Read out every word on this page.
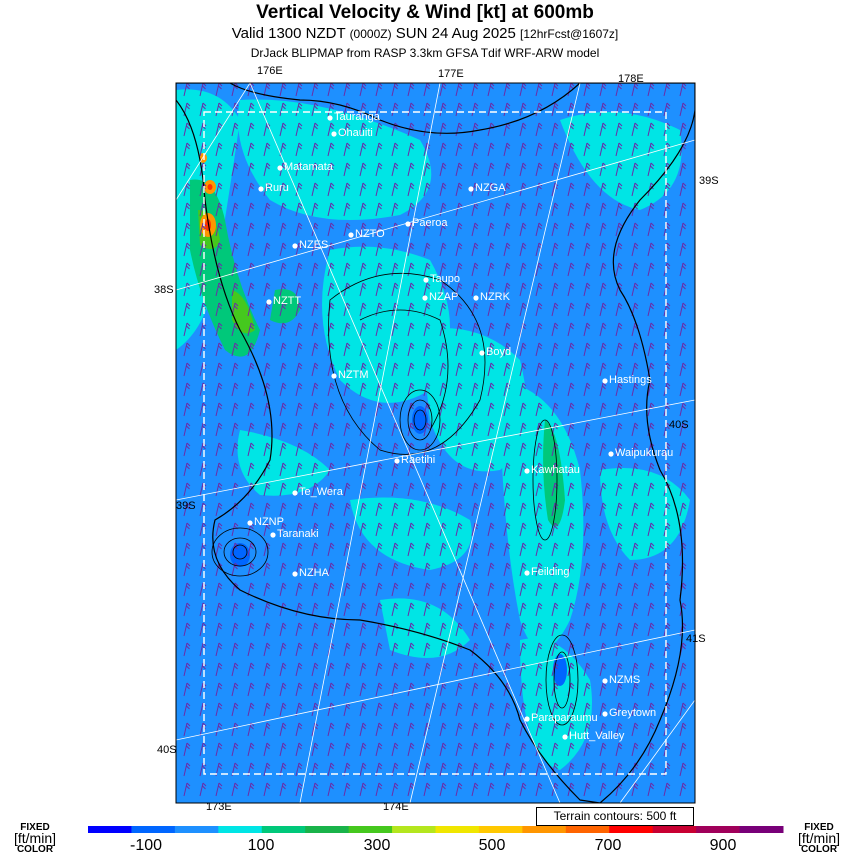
Vertical Velocity & Wind [kt] at 600mb
Valid 1300 NZDT (0000Z) SUN 24 Aug 2025 [12hrFcst@1607z]
DrJack BLIPMAP from RASP 3.3km GFSA Tdif WRF-ARW model
Tauranga
Ohauiti
Matamata
Ruru	NZGA
Paeroa
NZTO
NZES
Taupo
NZAP NZRK
NZTT
Boyd
NZTM	Hastings
Waipukurau
Raetihi
Kawhatau
Te_Wera
Taranaki
NZNP
NZHA	Feilding
NZMS
Greytown
Paraparaumu
Hutt_Valley
176E	177E	178E
173E	174E
39S
38S
40S
39S
41S
40S
Terrain contours: 500 ft
FIXED
[ft/min]
COLOR
FIXED
[ft/min]
COLOR
-100	100	300	500	700	900
